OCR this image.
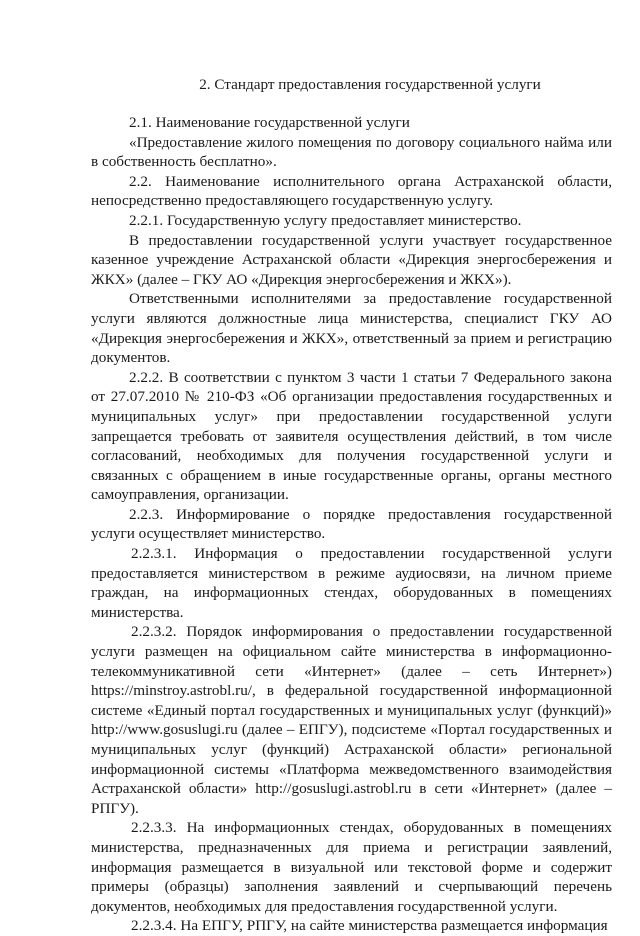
2. Стандарт предоставления государственной услуги

2.1. Наименование государственной услуги

«Предоставление жилого помещения по договору социального найма или в собственность бесплатно».

2.2. Наименование исполнительного органа Астраханской области, непосредственно предоставляющего государственную услугу.

2.2.1. Государственную услугу предоставляет министерство.

В предоставлении государственной услуги участвует государственное казенное учреждение Астраханской области «Дирекция энергосбережения и ЖКХ» (далее – ГКУ АО «Дирекция энергосбережения и ЖКХ»).

Ответственными исполнителями за предоставление государственной услуги являются должностные лица министерства, специалист ГКУ АО «Дирекция энергосбережения и ЖКХ», ответственный за прием и регистрацию документов.

2.2.2. В соответствии с пунктом 3 части 1 статьи 7 Федерального закона от 27.07.2010 № 210-ФЗ «Об организации предоставления государственных и муниципальных услуг» при предоставлении государственной услуги запрещается требовать от заявителя осуществления действий, в том числе согласований, необходимых для получения государственной услуги и связанных с обращением в иные государственные органы, органы местного самоуправления, организации.

2.2.3. Информирование о порядке предоставления государственной услуги осуществляет министерство.

2.2.3.1. Информация о предоставлении государственной услуги предоставляется министерством в режиме аудиосвязи, на личном приеме граждан, на информационных стендах, оборудованных в помещениях министерства.

2.2.3.2. Порядок информирования о предоставлении государственной услуги размещен на официальном сайте министерства в информационно-телекоммуникативной сети «Интернет» (далее – сеть Интернет») https://minstroy.astrobl.ru/, в федеральной государственной информационной системе «Единый портал государственных и муниципальных услуг (функций)» http://www.gosuslugi.ru (далее – ЕПГУ), подсистеме «Портал государственных и муниципальных услуг (функций) Астраханской области» региональной информационной системы «Платформа межведомственного взаимодействия Астраханской области» http://gosuslugi.astrobl.ru в сети «Интернет» (далее – РПГУ).

2.2.3.3. На информационных стендах, оборудованных в помещениях министерства, предназначенных для приема и регистрации заявлений, информация размещается в визуальной или текстовой форме и содержит примеры (образцы) заполнения заявлений и счерпывающий перечень документов, необходимых для предоставления государственной услуги.

2.2.3.4. На ЕПГУ, РПГУ, на сайте министерства размещается информация
